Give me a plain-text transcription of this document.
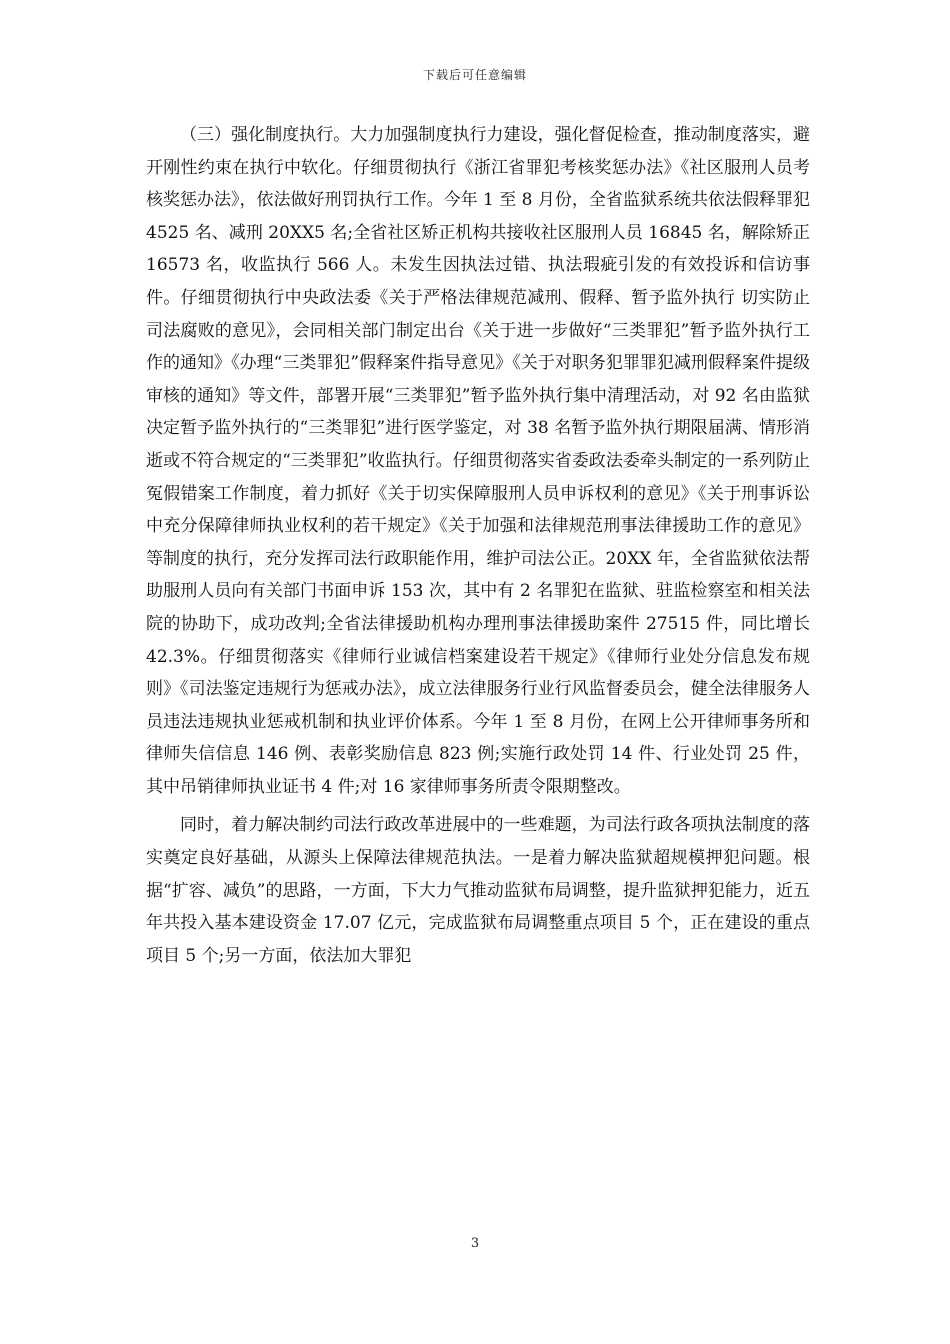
下载后可任意编辑

（三）强化制度执行。大力加强制度执行力建设，强化督促检查，推动制度落实，避开刚性约束在执行中软化。仔细贯彻执行《浙江省罪犯考核奖惩办法》《社区服刑人员考核奖惩办法》，依法做好刑罚执行工作。今年 1 至 8 月份，全省监狱系统共依法假释罪犯 4525 名、减刑 20XX5 名;全省社区矫正机构共接收社区服刑人员 16845 名，解除矫正 16573 名，收监执行 566 人。未发生因执法过错、执法瑕疵引发的有效投诉和信访事件。仔细贯彻执行中央政法委《关于严格法律规范减刑、假释、暂予监外执行 切实防止司法腐败的意见》，会同相关部门制定出台《关于进一步做好“三类罪犯”暂予监外执行工作的通知》《办理“三类罪犯”假释案件指导意见》《关于对职务犯罪罪犯减刑假释案件提级审核的通知》等文件，部署开展“三类罪犯”暂予监外执行集中清理活动，对 92 名由监狱决定暂予监外执行的“三类罪犯”进行医学鉴定，对 38 名暂予监外执行期限届满、情形消逝或不符合规定的“三类罪犯”收监执行。仔细贯彻落实省委政法委牵头制定的一系列防止冤假错案工作制度，着力抓好《关于切实保障服刑人员申诉权利的意见》《关于刑事诉讼中充分保障律师执业权利的若干规定》《关于加强和法律规范刑事法律援助工作的意见》等制度的执行，充分发挥司法行政职能作用，维护司法公正。20XX 年，全省监狱依法帮助服刑人员向有关部门书面申诉 153 次，其中有 2 名罪犯在监狱、驻监检察室和相关法院的协助下，成功改判;全省法律援助机构办理刑事法律援助案件 27515 件，同比增长 42.3%。仔细贯彻落实《律师行业诚信档案建设若干规定》《律师行业处分信息发布规则》《司法鉴定违规行为惩戒办法》，成立法律服务行业行风监督委员会，健全法律服务人员违法违规执业惩戒机制和执业评价体系。今年 1 至 8 月份，在网上公开律师事务所和律师失信信息 146 例、表彰奖励信息 823 例;实施行政处罚 14 件、行业处罚 25 件，其中吊销律师执业证书 4 件;对 16 家律师事务所责令限期整改。

同时，着力解决制约司法行政改革进展中的一些难题，为司法行政各项执法制度的落实奠定良好基础，从源头上保障法律规范执法。一是着力解决监狱超规模押犯问题。根据“扩容、减负”的思路，一方面，下大力气推动监狱布局调整，提升监狱押犯能力，近五年共投入基本建设资金 17.07 亿元，完成监狱布局调整重点项目 5 个，正在建设的重点项目 5 个;另一方面，依法加大罪犯

3
